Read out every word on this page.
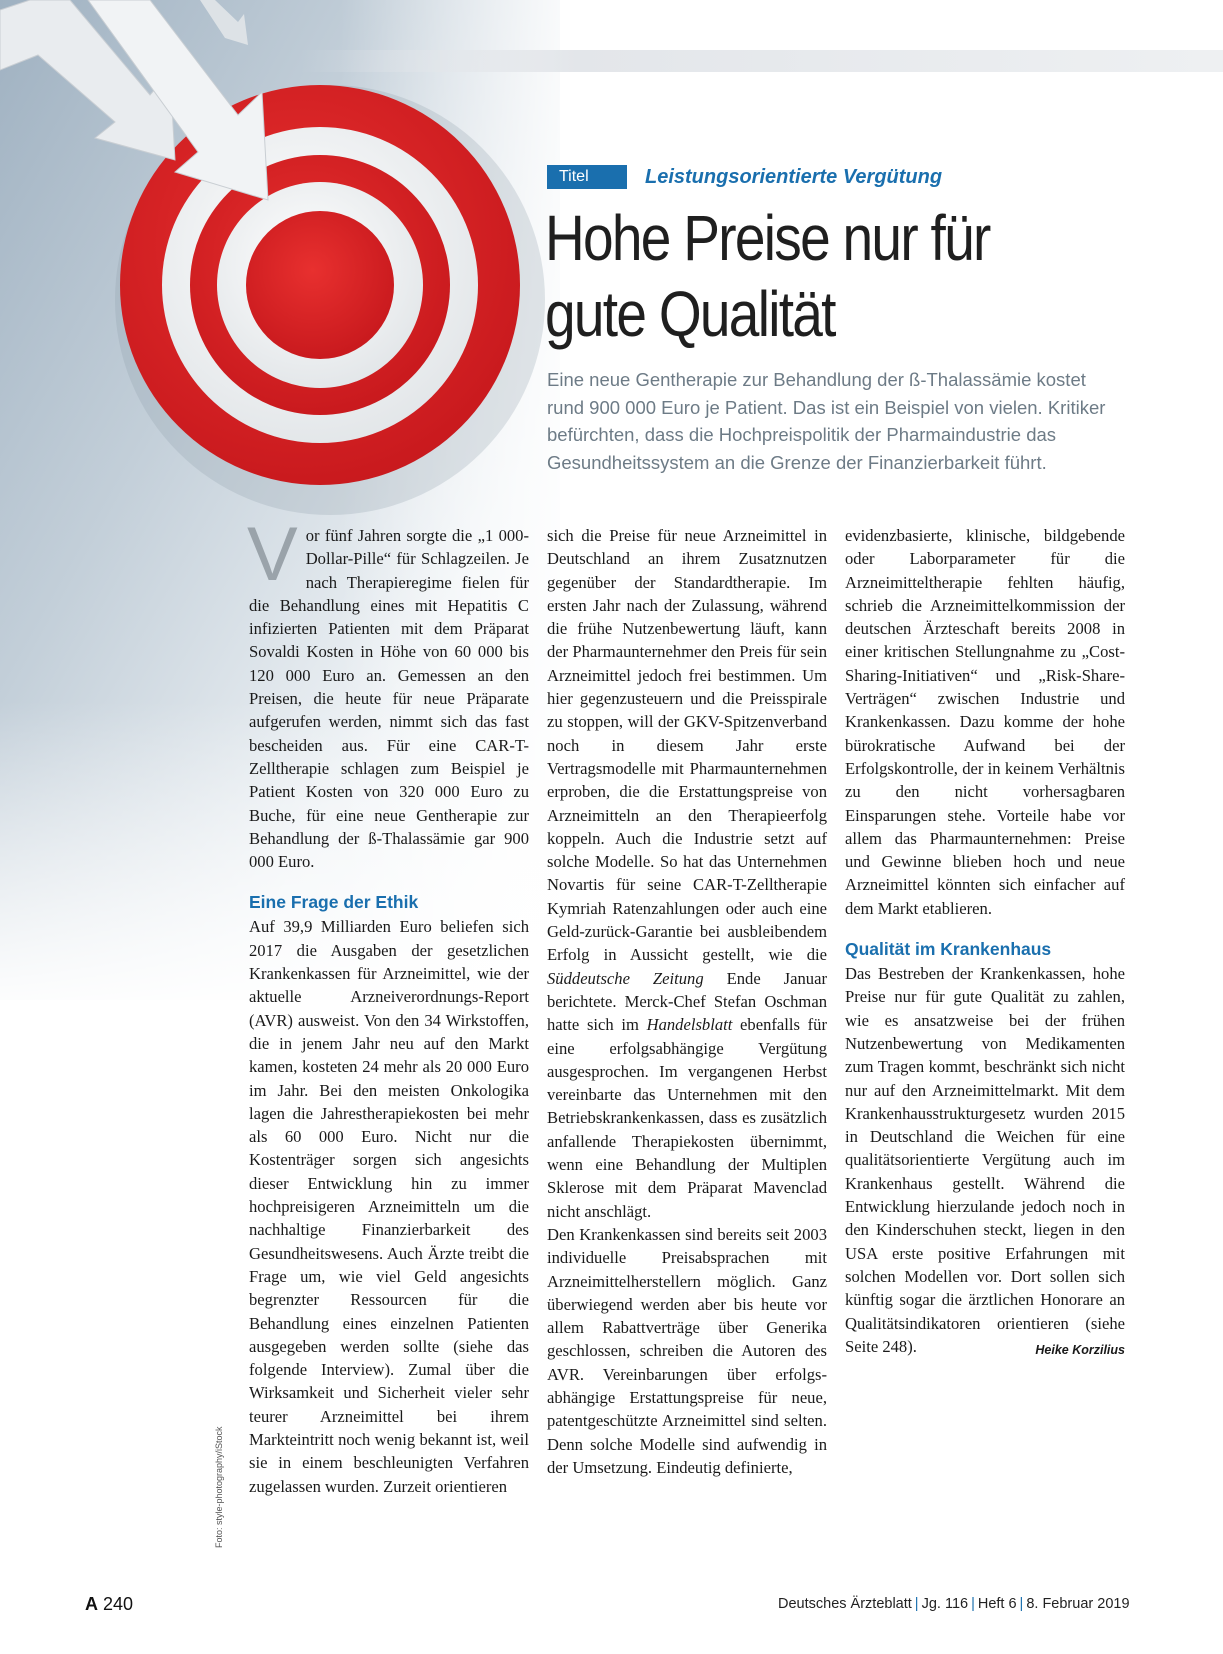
Titel	Leistungsorientierte Vergütung
Hohe Preise nur für
gute Qualität
Eine neue Gentherapie zur Behandlung der ß-Thalassämie kostet rund 900 000 Euro je Patient. Das ist ein Beispiel von vielen. Kritiker befürchten, dass die Hochpreispolitik der Pharmaindustrie das Gesundheitssystem an die Grenze der Finanzierbarkeit führt.

Vor fünf Jahren sorgte die „1 000-Dollar-Pille“ für Schlagzeilen. Je nach Therapieregime fielen für die Behandlung eines mit Hepatitis C infizierten Patienten mit dem Präparat Sovaldi Kosten in Höhe von 60 000 bis 120 000 Euro an. Gemessen an den Preisen, die heute für neue Präparate aufgerufen werden, nimmt sich das fast bescheiden aus. Für eine CAR-T-Zelltherapie schlagen zum Beispiel je Patient Kosten von 320 000 Euro zu Buche, für eine neue Gentherapie zur Behandlung der ß-Thalassämie gar 900 000 Euro.

Eine Frage der Ethik

Auf 39,9 Milliarden Euro beliefen sich 2017 die Ausgaben der gesetzlichen Krankenkassen für Arzneimittel, wie der aktuelle Arzneiverordnungs-Report (AVR) ausweist. Von den 34 Wirkstoffen, die in jenem Jahr neu auf den Markt kamen, kosteten 24 mehr als 20 000 Euro im Jahr. Bei den meisten Onkologika lagen die Jahrestherapiekosten bei mehr als 60 000 Euro. Nicht nur die Kostenträger sorgen sich angesichts dieser Entwicklung hin zu immer hochpreisigeren Arzneimitteln um die nachhaltige Finanzierbarkeit des Gesundheitswesens. Auch Ärzte treibt die Frage um, wie viel Geld angesichts begrenzter Ressourcen für die Behandlung eines einzelnen Patienten ausgegeben werden sollte (siehe das folgende Interview). Zumal über die Wirksamkeit und Sicherheit vieler sehr teurer Arzneimittel bei ihrem Markteintritt noch wenig bekannt ist, weil sie in einem beschleunigten Verfahren zugelassen wurden. Zurzeit orientieren

sich die Preise für neue Arzneimittel in Deutschland an ihrem Zusatznutzen gegenüber der Standardtherapie. Im ersten Jahr nach der Zulassung, während die frühe Nutzenbewertung läuft, kann der Pharmaunternehmer den Preis für sein Arzneimittel jedoch frei bestimmen. Um hier gegenzusteuern und die Preisspirale zu stoppen, will der GKV-Spitzenverband noch in diesem Jahr erste Vertragsmodelle mit Pharmaunternehmen erproben, die die Erstattungspreise von Arzneimitteln an den Therapieerfolg koppeln. Auch die Industrie setzt auf solche Modelle. So hat das Unternehmen Novartis für seine CAR-T-Zelltherapie Kymriah Ratenzahlungen oder auch eine Geld-zurück-Garantie bei ausbleibendem Erfolg in Aussicht gestellt, wie die Süddeutsche Zeitung Ende Januar berichtete. Merck-Chef Stefan Oschman hatte sich im Handelsblatt ebenfalls für eine erfolgsabhängige Vergütung ausgesprochen. Im vergangenen Herbst vereinbarte das Unternehmen mit den Betriebskrankenkassen, dass es zusätzlich anfallende Therapiekosten übernimmt, wenn eine Behandlung der Multiplen Sklerose mit dem Präparat Mavenclad nicht anschlägt.

Den Krankenkassen sind bereits seit 2003 individuelle Preisabsprachen mit Arzneimittelherstellern möglich. Ganz überwiegend werden aber bis heute vor allem Rabattverträge über Generika geschlossen, schreiben die Autoren des AVR. Vereinbarungen über erfolgs- abhängige Erstattungspreise für neue, patentgeschützte Arzneimittel sind selten. Denn solche Modelle sind aufwendig in der Umsetzung. Eindeutig definierte,

evidenzbasierte, klinische, bildgebende oder Laborparameter für die Arzneimitteltherapie fehlten häufig, schrieb die Arzneimittelkommission der deutschen Ärzteschaft bereits 2008 in einer kritischen Stellungnahme zu „Cost-Sharing-Initiativen“ und „Risk-Share-Verträgen“ zwischen Industrie und Krankenkassen. Dazu komme der hohe bürokratische Aufwand bei der Erfolgskontrolle, der in keinem Verhältnis zu den nicht vorhersagbaren Einsparungen stehe. Vorteile habe vor allem das Pharmaunternehmen: Preise und Gewinne blieben hoch und neue Arzneimittel könnten sich einfacher auf dem Markt etablieren.

Qualität im Krankenhaus

Das Bestreben der Krankenkassen, hohe Preise nur für gute Qualität zu zahlen, wie es ansatzweise bei der frühen Nutzenbewertung von Medikamenten zum Tragen kommt, beschränkt sich nicht nur auf den Arzneimittelmarkt. Mit dem Krankenhausstrukturgesetz wurden 2015 in Deutschland die Weichen für eine qualitätsorientierte Vergütung auch im Krankenhaus gestellt. Während die Entwicklung hierzulande jedoch noch in den Kinderschuhen steckt, liegen in den USA erste positive Erfahrungen mit solchen Modellen vor. Dort sollen sich künftig sogar die ärztlichen Honorare an Qualitätsindikatoren orientieren (siehe Seite 248).	Heike Korzilius

Foto: style-photography/iStock
A 240	Deutsches Ärzteblatt | Jg. 116 | Heft 6 | 8. Februar 2019
